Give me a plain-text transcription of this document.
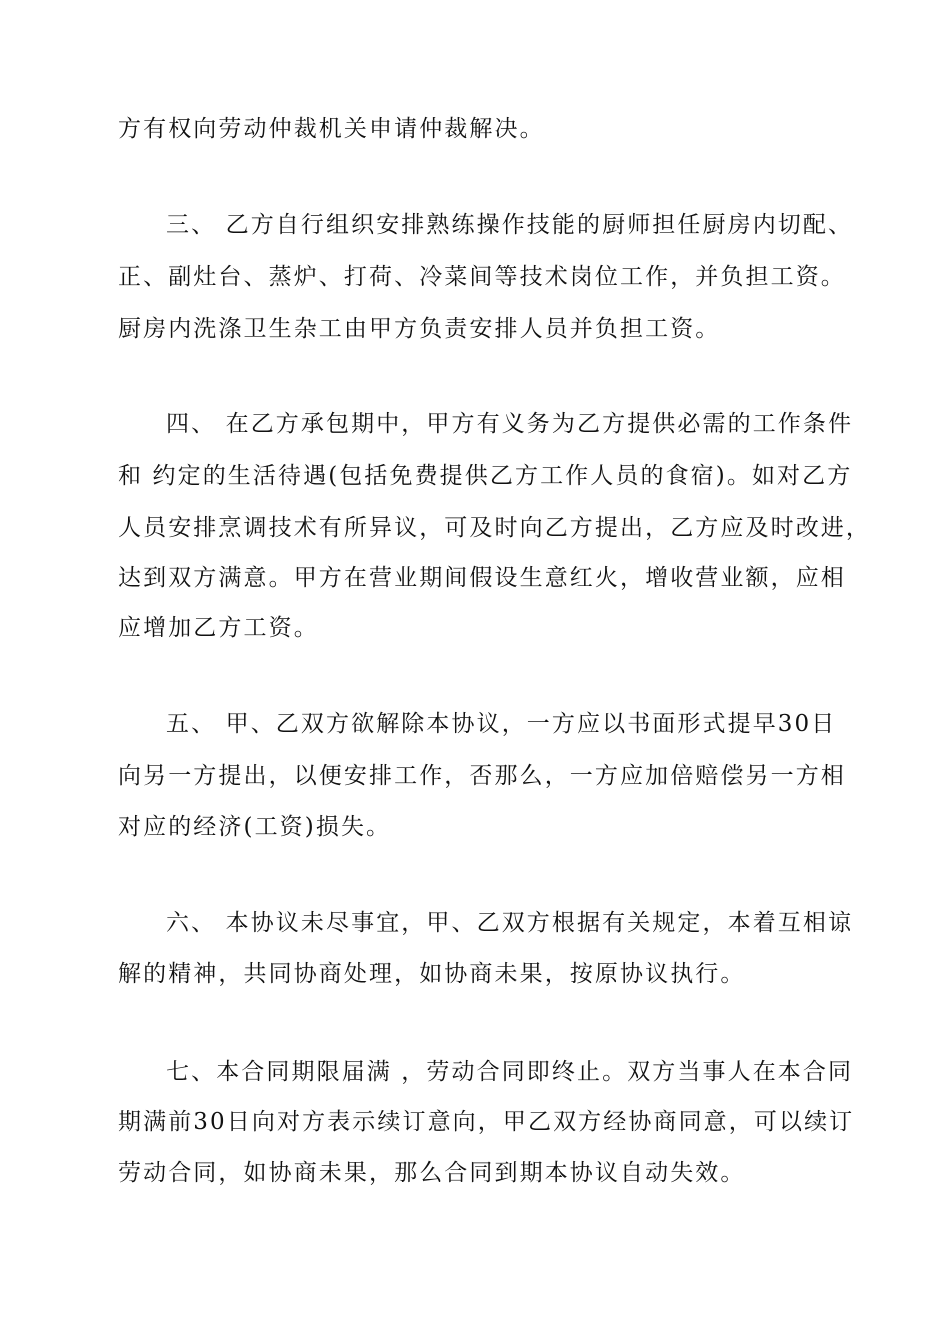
方有权向劳动仲裁机关申请仲裁解决。
三、 乙方自行组织安排熟练操作技能的厨师担任厨房内切配、
正、副灶台、蒸炉、打荷、冷菜间等技术岗位工作，并负担工资。
厨房内洗涤卫生杂工由甲方负责安排人员并负担工资。
四、 在乙方承包期中，甲方有义务为乙方提供必需的工作条件
和 约定的生活待遇(包括免费提供乙方工作人员的食宿)。如对乙方
人员安排烹调技术有所异议，可及时向乙方提出，乙方应及时改进，
达到双方满意。甲方在营业期间假设生意红火，增收营业额，应相
应增加乙方工资。
五、 甲、乙双方欲解除本协议，一方应以书面形式提早30日
向另一方提出，以便安排工作，否那么，一方应加倍赔偿另一方相
对应的经济(工资)损失。
六、 本协议未尽事宜，甲、乙双方根据有关规定，本着互相谅
解的精神，共同协商处理，如协商未果，按原协议执行。
七、本合同期限届满 ，劳动合同即终止。双方当事人在本合同
期满前30日向对方表示续订意向，甲乙双方经协商同意，可以续订
劳动合同，如协商未果，那么合同到期本协议自动失效。
